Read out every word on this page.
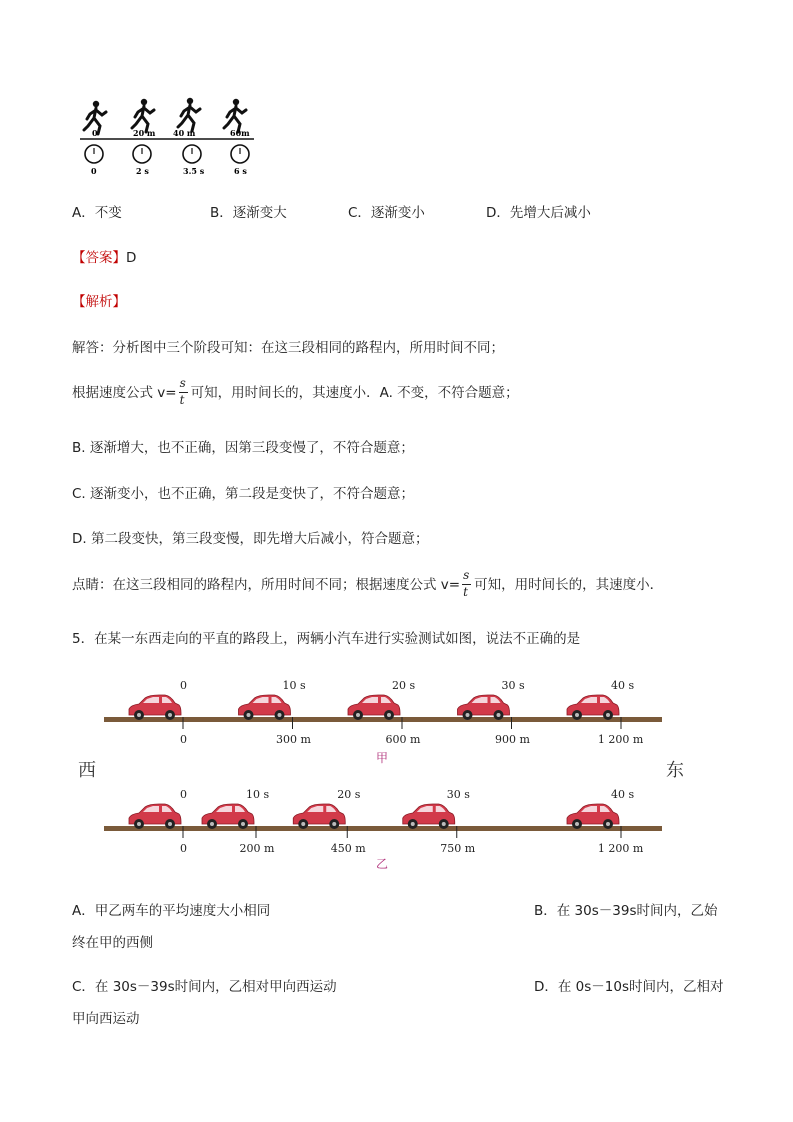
0	20 m 40 m	60m
0	2 s	3.5 s	6 s
A．不变	B．逐渐变大	C．逐渐变小	D．先增大后减小
【答案】D
【解析】
解答：分析图中三个阶段可知：在这三段相同的路程内，所用时间不同；
根据速度公式 $v= \frac{s}{t}$ 可知，用时间长的，其速度小．A. 不变，不符合题意；
B. 逐渐增大，也不正确，因第三段变慢了，不符合题意；
C. 逐渐变小，也不正确，第二段是变快了，不符合题意；
D. 第二段变快，第三段变慢，即先增大后减小，符合题意；
点睛：在这三段相同的路程内，所用时间不同；根据速度公式 $v= \frac{s}{t}$ 可知，用时间长的，其速度小．
5．在某一东西走向的平直的路段上，两辆小汽车进行实验测试如图，说法不正确的是
西	东
0
0
10 s
300 m
20 s
600 m
30 s
900 m
40 s
1 200 m
甲
0
0
10 s
200 m
20 s
450 m
30 s
750 m
40 s
1 200 m
乙
A．甲乙两车的平均速度大小相同	B．在 30s－39s时间内，乙始
终在甲的西侧
C．在 30s－39s时间内，乙相对甲向西运动	D．在 0s－10s时间内，乙相对
甲向西运动
